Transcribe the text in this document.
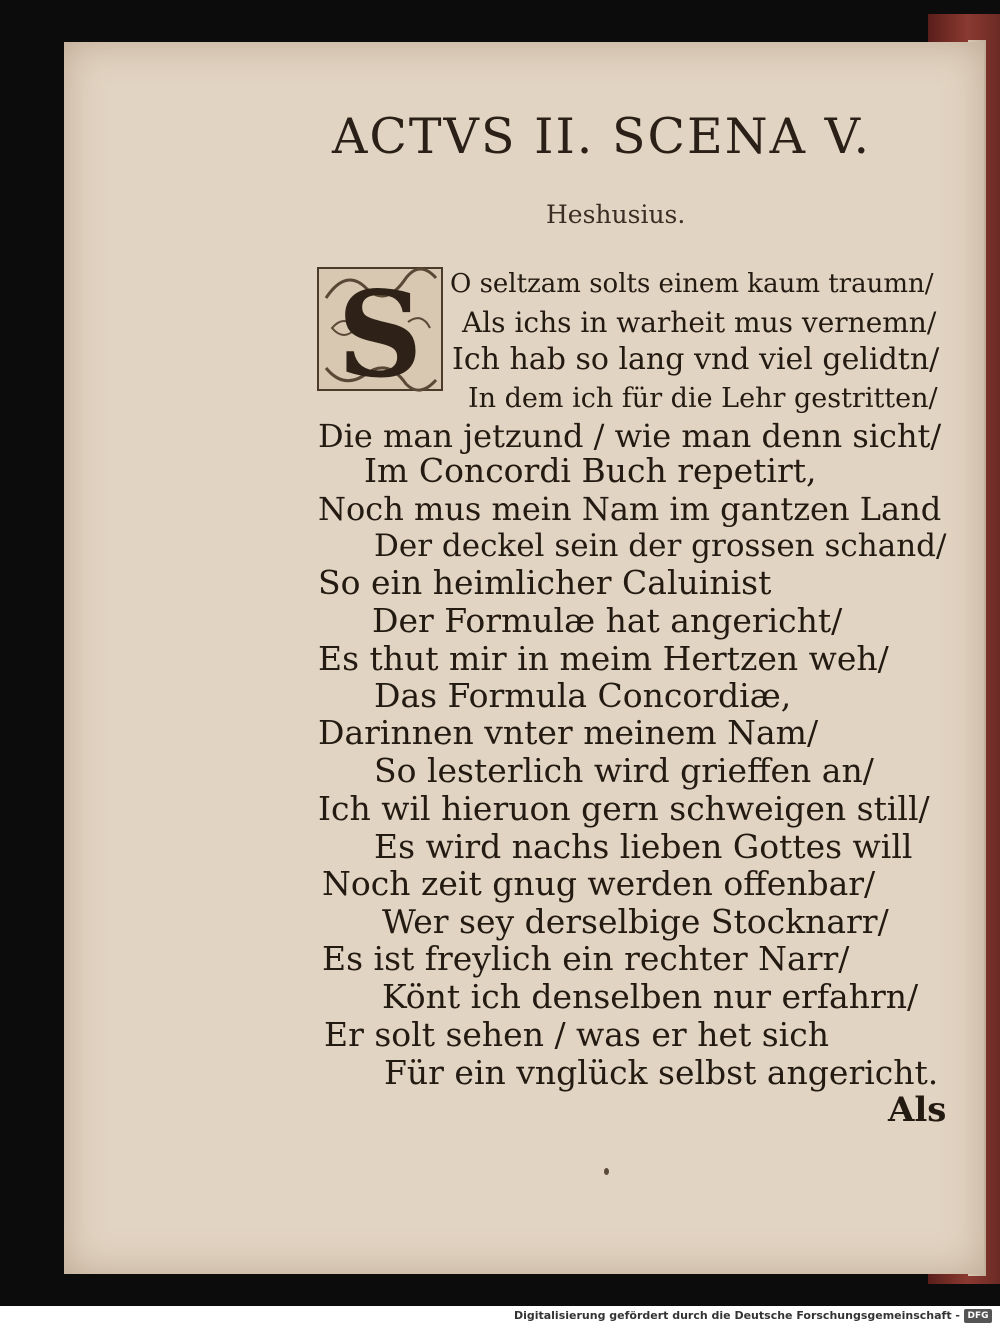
ACTVS II. SCENA V.
Heshusius.
S O seltzam solts einem kaum traumn/
Als ichs in warheit mus vernemn/
Ich hab so lang vnd viel gelidtn/
In dem ich für die Lehr gestritten/
Die man jetzund / wie man denn sicht/
Im Concordi Buch repetirt,
Noch mus mein Nam im gantzen Land
Der deckel sein der grossen schand/
So ein heimlicher Caluinist
Der Formulæ hat angericht/
Es thut mir in meim Hertzen weh/
Das Formula Concordiæ,
Darinnen vnter meinem Nam/
So lesterlich wird grieffen an/
Ich wil hieruon gern schweigen still/
Es wird nachs lieben Gottes will
Noch zeit gnug werden offenbar/
Wer sey derselbige Stocknarr/
Es ist freylich ein rechter Narr/
Könt ich denselben nur erfahrn/
Er solt sehen / was er het sich
Für ein vnglück selbst angericht.
Als
Digitalisierung gefördert durch die Deutsche Forschungsgemeinschaft - DFG
